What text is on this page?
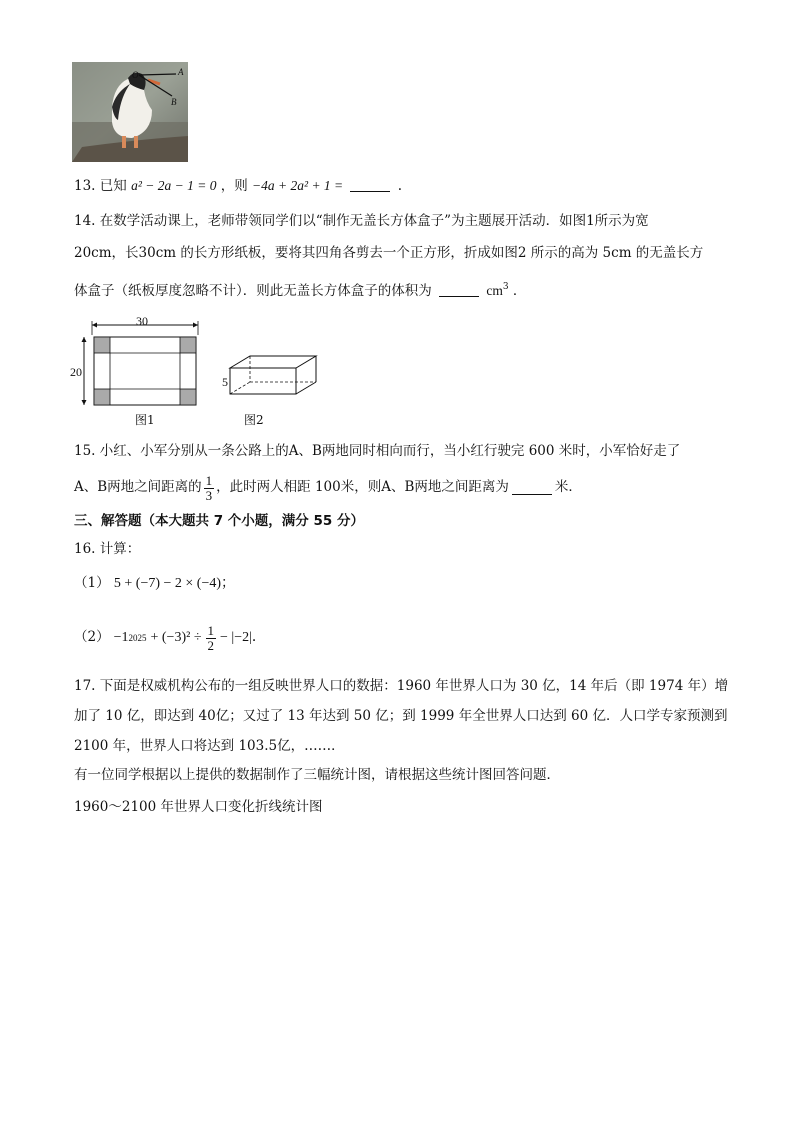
O	A
B
13. 已知 a² − 2a − 1 = 0 ，则 −4a + 2a² + 1 =	.
14. 在数学活动课上，老师带领同学们以“制作无盖长方体盒子”为主题展开活动．如图1所示为宽
20cm，长30cm 的长方形纸板，要将其四角各剪去一个正方形，折成如图2 所示的高为 5cm 的无盖长方
体盒子（纸板厚度忽略不计）．则此无盖长方体盒子的体积为	$cm^3$ ．
30
20
图1
5
图2
15. 小红、小军分别从一条公路上的A、B两地同时相向而行，当小红行驶完 600 米时，小军恰好走了
A、B两地之间距离的 $\frac{1}{3}$ ，此时两人相距 100米，则A、B两地之间距离为	米．
三、解答题（本大题共 7 个小题，满分 55 分）
16. 计算：
（1） 5 + (−7) − 2 × (−4)；
（2） −1 $2025 + (-3)^2 \div \frac{1}{2} - |-2|$．
17. 下面是权威机构公布的一组反映世界人口的数据：1960 年世界人口为 30 亿，14 年后（即 1974 年）增
加了 10 亿，即达到 40亿；又过了 13 年达到 50 亿；到 1999 年全世界人口达到 60 亿．人口学专家预测到
2100 年，世界人口将达到 103.5亿，……．
有一位同学根据以上提供的数据制作了三幅统计图，请根据这些统计图回答问题．
1960～2100 年世界人口变化折线统计图
